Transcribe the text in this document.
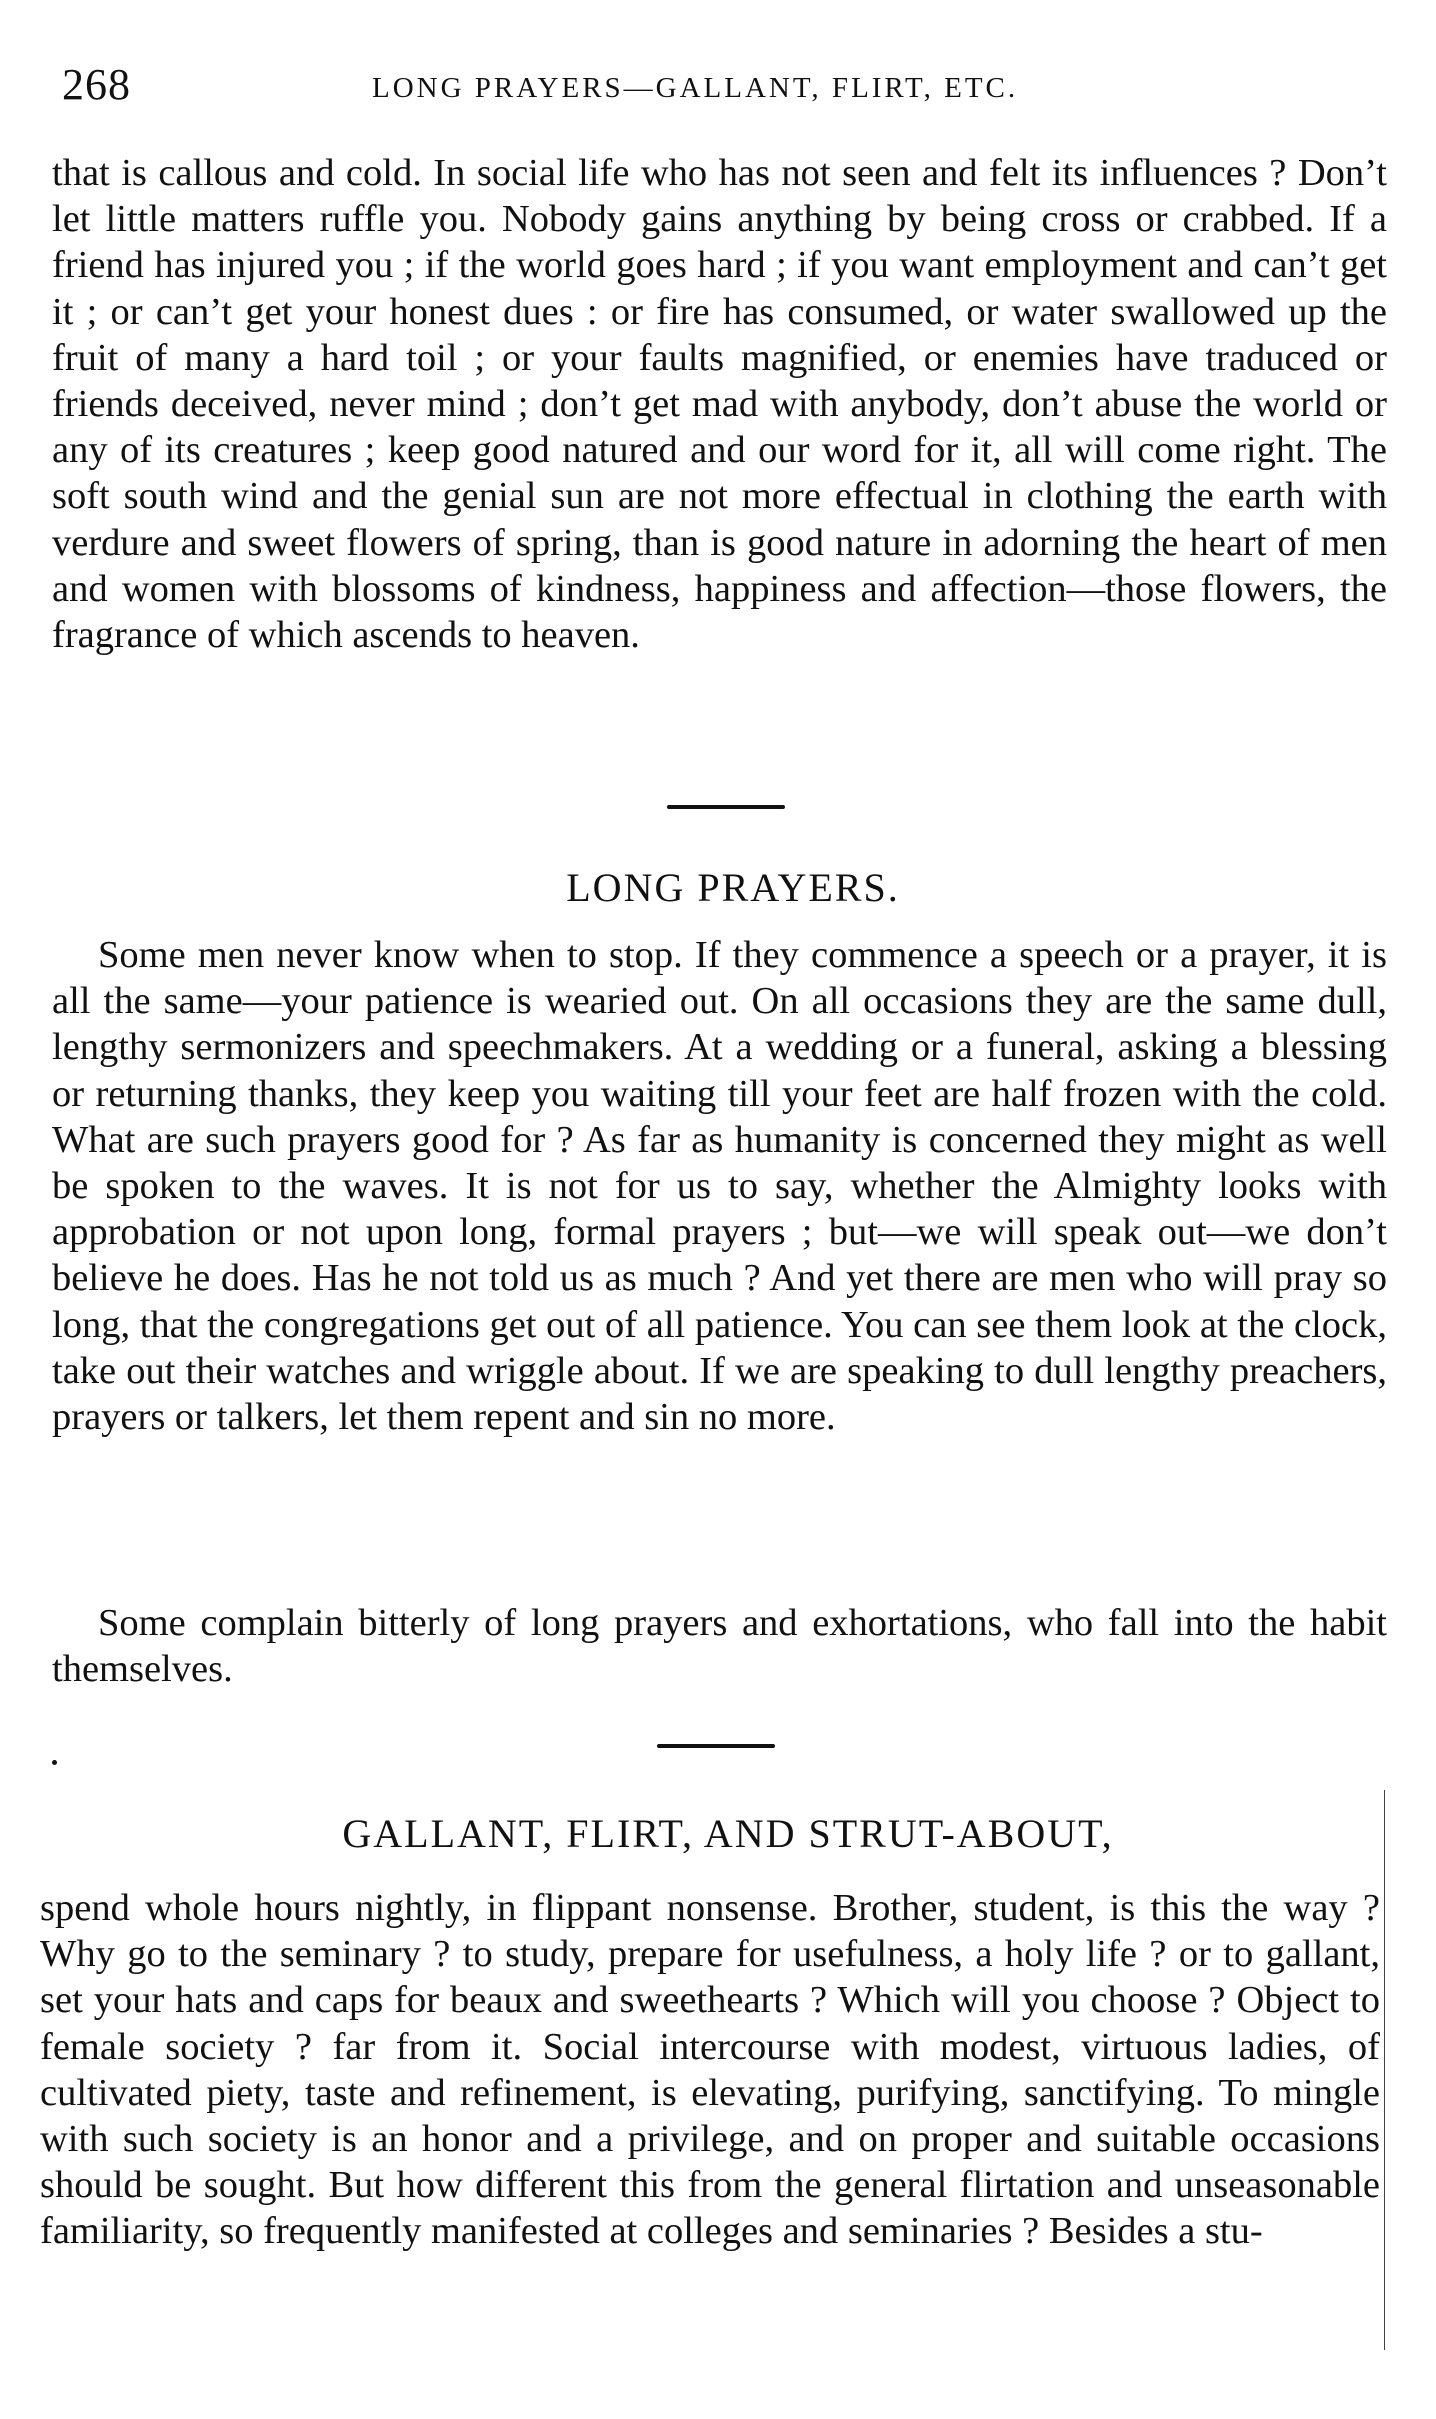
268	LONG PRAYERS—GALLANT, FLIRT, ETC.

that is callous and cold. In social life who has not seen and felt its influences ? Don’t let little matters ruffle you. Nobody gains anything by being cross or crabbed. If a friend has injured you ; if the world goes hard ; if you want employment and can’t get it ; or can’t get your honest dues : or fire has consumed, or water swallowed up the fruit of many a hard toil ; or your faults magnified, or enemies have traduced or friends deceived, never mind ; don’t get mad with anybody, don’t abuse the world or any of its creatures ; keep good natured and our word for it, all will come right. The soft south wind and the genial sun are not more effectual in clothing the earth with verdure and sweet flowers of spring, than is good nature in adorning the heart of men and women with blossoms of kindness, happiness and affection—those flowers, the fragrance of which ascends to heaven.

LONG PRAYERS.

Some men never know when to stop. If they commence a speech or a prayer, it is all the same—your patience is wearied out. On all occasions they are the same dull, lengthy sermonizers and speechmakers. At a wedding or a funeral, asking a blessing or returning thanks, they keep you waiting till your feet are half frozen with the cold. What are such prayers good for ? As far as humanity is concerned they might as well be spoken to the waves. It is not for us to say, whether the Almighty looks with approbation or not upon long, formal prayers ; but—we will speak out—we don’t believe he does. Has he not told us as much ? And yet there are men who will pray so long, that the congregations get out of all patience. You can see them look at the clock, take out their watches and wriggle about. If we are speaking to dull lengthy preachers, prayers or talkers, let them repent and sin no more.

Some complain bitterly of long prayers and exhortations, who fall into the habit themselves.

GALLANT, FLIRT, AND STRUT-ABOUT,

spend whole hours nightly, in flippant nonsense. Brother, student, is this the way ? Why go to the seminary ? to study, prepare for usefulness, a holy life ? or to gallant, set your hats and caps for beaux and sweethearts ? Which will you choose ? Object to female society ? far from it. Social intercourse with modest, virtuous ladies, of cultivated piety, taste and refinement, is elevating, purifying, sanctifying. To mingle with such society is an honor and a privilege, and on proper and suitable occasions should be sought. But how different this from the general flirtation and unseasonable familiarity, so frequently manifested at colleges and seminaries ? Besides a stu-
